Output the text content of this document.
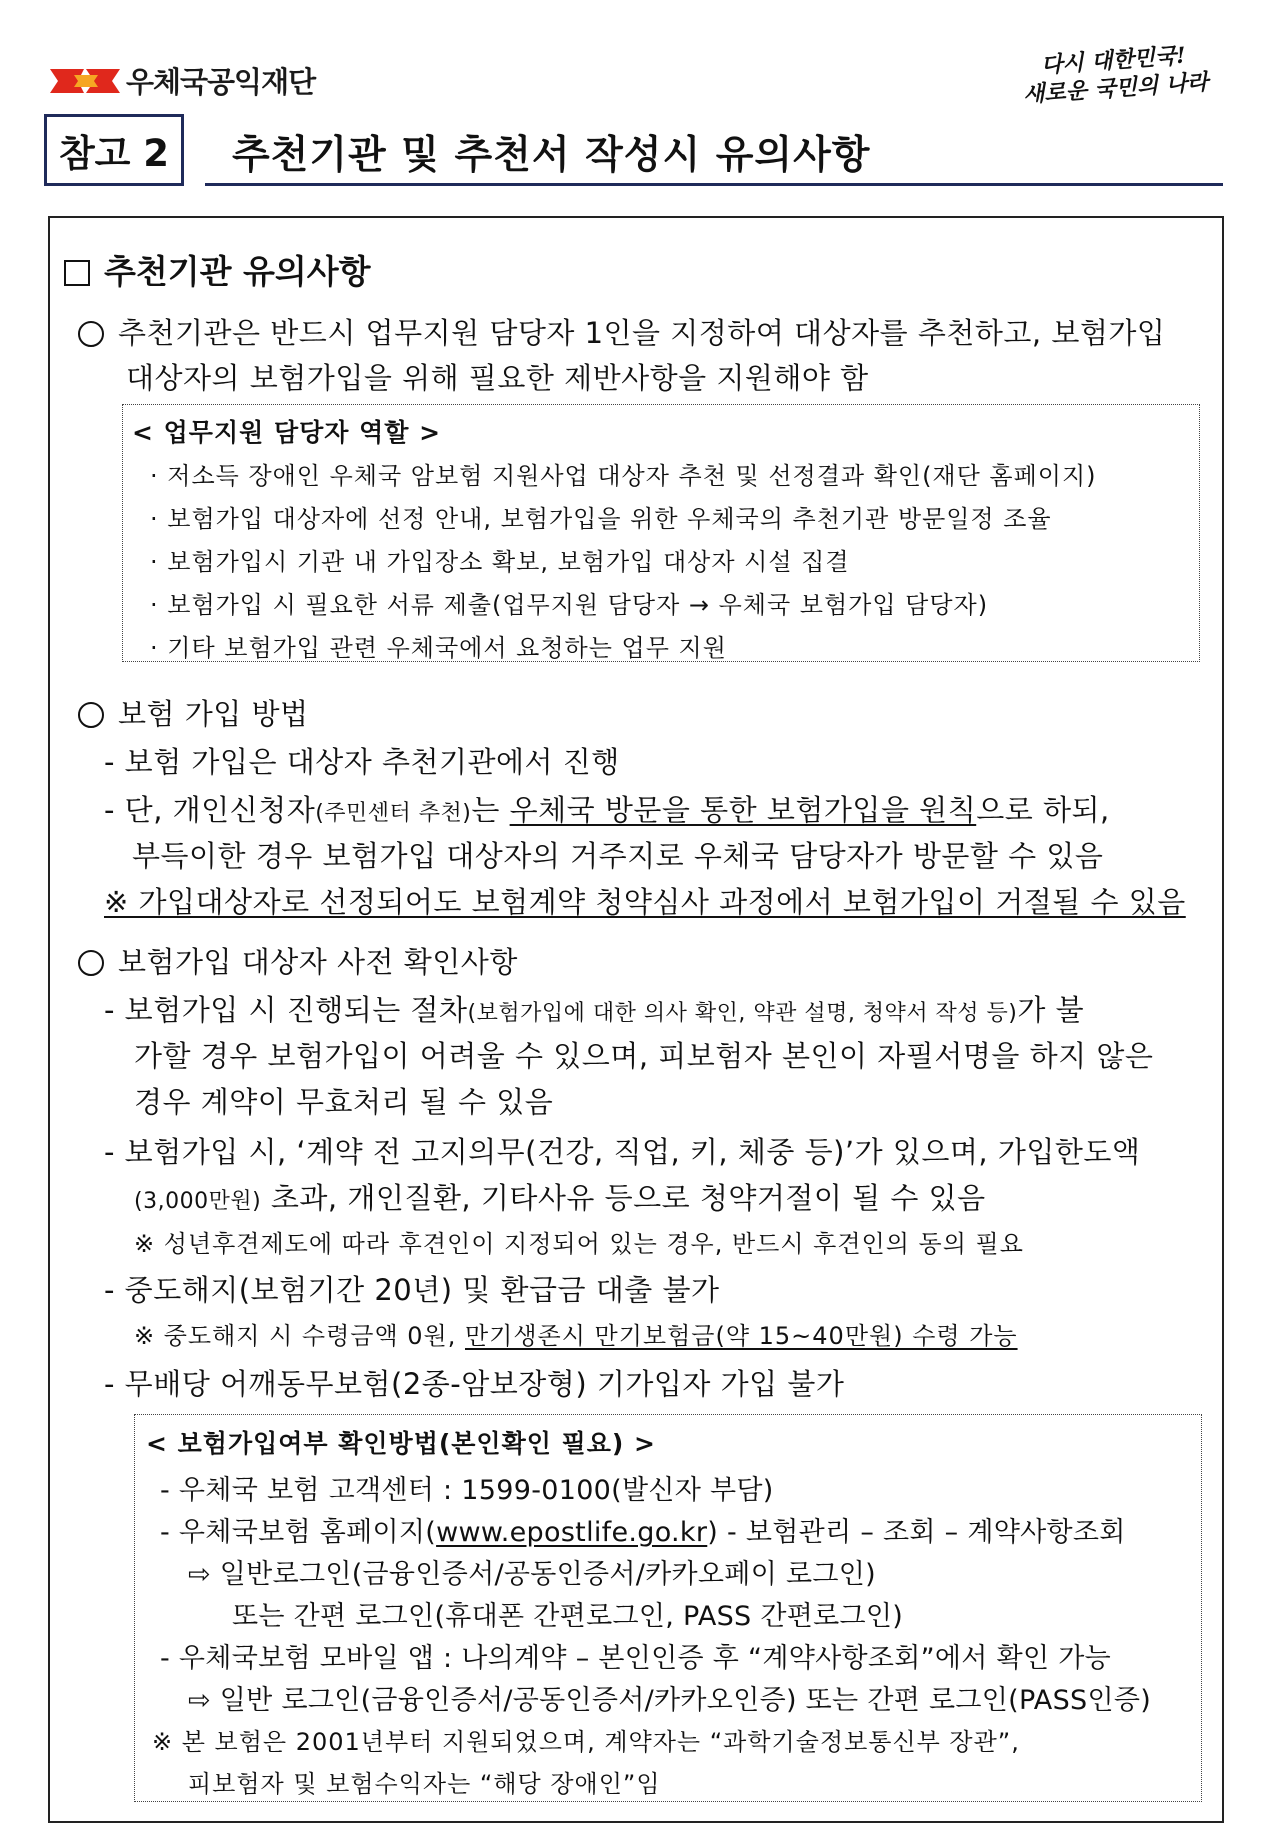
우체국공익재단
다시 대한민국!
새로운 국민의 나라
참고 2	추천기관 및 추천서 작성시 유의사항
추천기관 유의사항
추천기관은 반드시 업무지원 담당자 1인을 지정하여 대상자를 추천하고, 보험가입
대상자의 보험가입을 위해 필요한 제반사항을 지원해야 함
< 업무지원 담당자 역할 >
· 저소득 장애인 우체국 암보험 지원사업 대상자 추천 및 선정결과 확인(재단 홈페이지)
· 보험가입 대상자에 선정 안내, 보험가입을 위한 우체국의 추천기관 방문일정 조율
· 보험가입시 기관 내 가입장소 확보, 보험가입 대상자 시설 집결
· 보험가입 시 필요한 서류 제출(업무지원 담당자 → 우체국 보험가입 담당자)
· 기타 보험가입 관련 우체국에서 요청하는 업무 지원
보험 가입 방법
- 보험 가입은 대상자 추천기관에서 진행
- 단, 개인신청자(주민센터 추천)는 우체국 방문을 통한 보험가입을 원칙으로 하되,
부득이한 경우 보험가입 대상자의 거주지로 우체국 담당자가 방문할 수 있음
※ 가입대상자로 선정되어도 보험계약 청약심사 과정에서 보험가입이 거절될 수 있음
보험가입 대상자 사전 확인사항
- 보험가입 시 진행되는 절차(보험가입에 대한 의사 확인, 약관 설명, 청약서 작성 등)가 불
가할 경우 보험가입이 어려울 수 있으며, 피보험자 본인이 자필서명을 하지 않은
경우 계약이 무효처리 될 수 있음
- 보험가입 시, ‘계약 전 고지의무(건강, 직업, 키, 체중 등)’가 있으며, 가입한도액
(3,000만원) 초과, 개인질환, 기타사유 등으로 청약거절이 될 수 있음
※ 성년후견제도에 따라 후견인이 지정되어 있는 경우, 반드시 후견인의 동의 필요
- 중도해지(보험기간 20년) 및 환급금 대출 불가
※ 중도해지 시 수령금액 0원, 만기생존시 만기보험금(약 15~40만원) 수령 가능
- 무배당 어깨동무보험(2종-암보장형) 기가입자 가입 불가
< 보험가입여부 확인방법(본인확인 필요) >
- 우체국 보험 고객센터 : 1599-0100(발신자 부담)
- 우체국보험 홈페이지(www.epostlife.go.kr) - 보험관리 – 조회 – 계약사항조회
⇨ 일반로그인(금융인증서/공동인증서/카카오페이 로그인)
또는 간편 로그인(휴대폰 간편로그인, PASS 간편로그인)
- 우체국보험 모바일 앱 : 나의계약 – 본인인증 후 “계약사항조회”에서 확인 가능
⇨ 일반 로그인(금융인증서/공동인증서/카카오인증) 또는 간편 로그인(PASS인증)
※ 본 보험은 2001년부터 지원되었으며, 계약자는 “과학기술정보통신부 장관”,
피보험자 및 보험수익자는 “해당 장애인”임
